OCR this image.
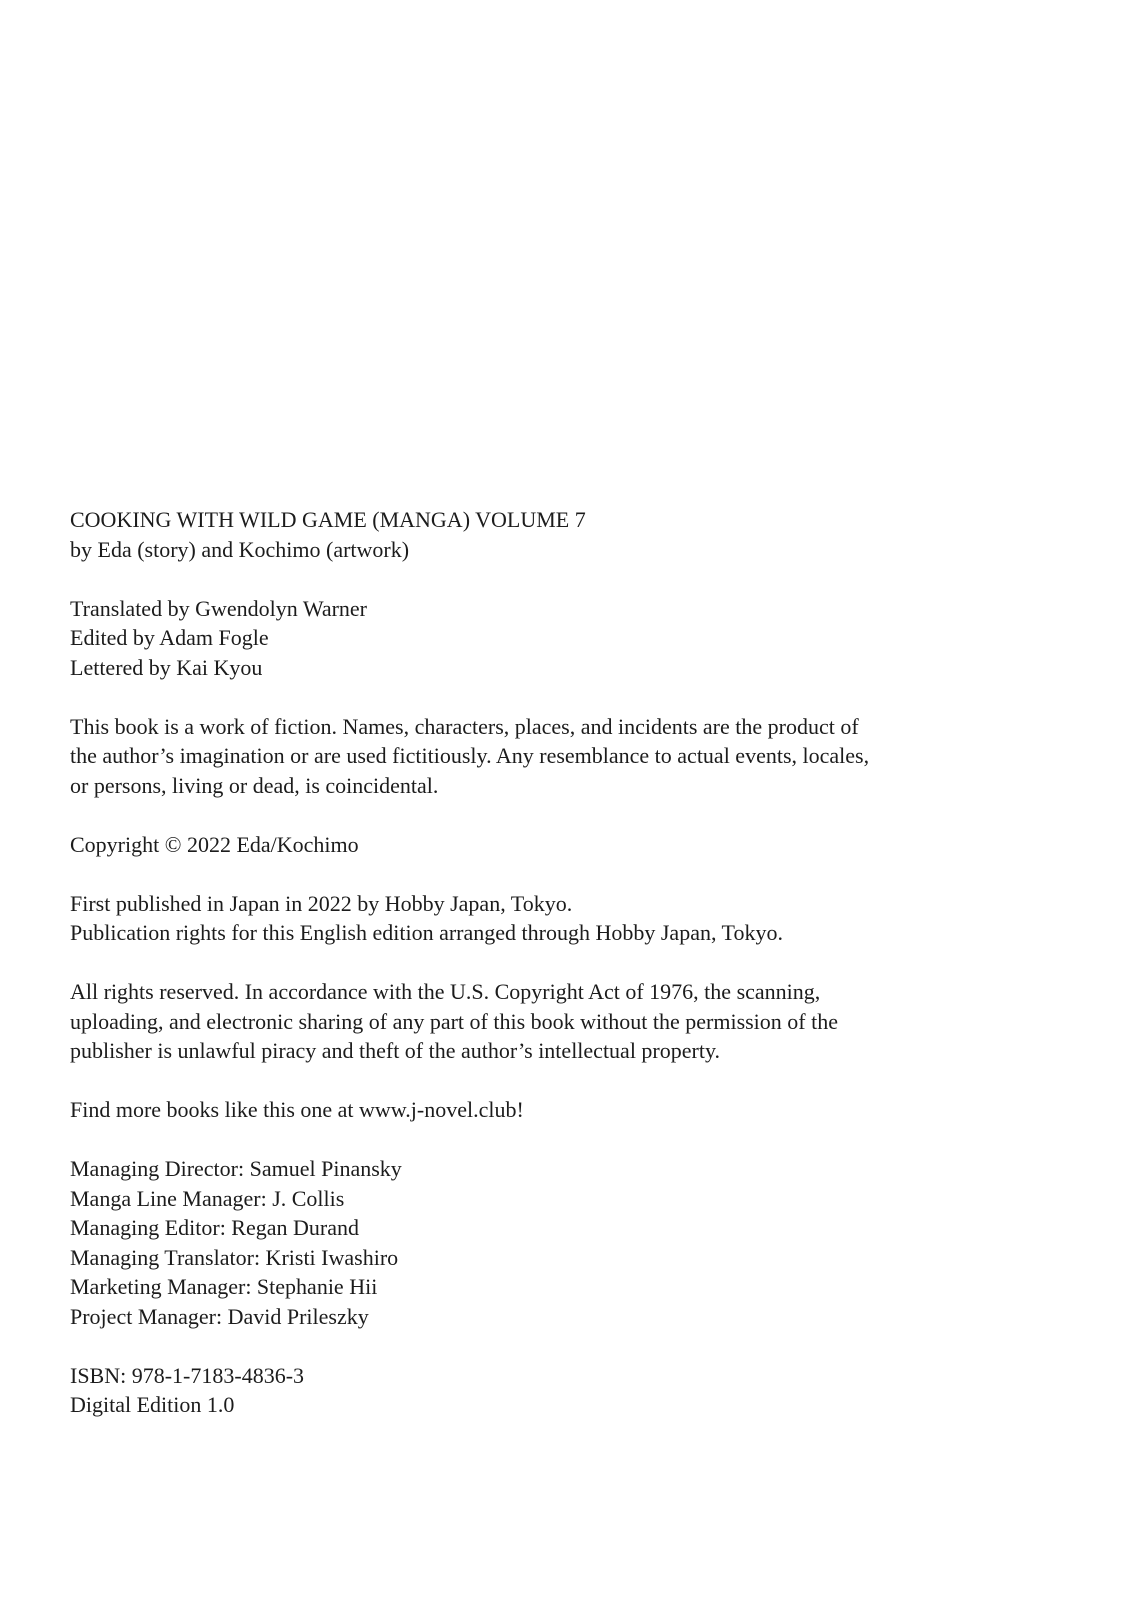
COOKING WITH WILD GAME (MANGA) VOLUME 7
by Eda (story) and Kochimo (artwork)
Translated by Gwendolyn Warner
Edited by Adam Fogle
Lettered by Kai Kyou
This book is a work of fiction. Names, characters, places, and incidents are the product of
the author’s imagination or are used fictitiously. Any resemblance to actual events, locales,
or persons, living or dead, is coincidental.
Copyright © 2022 Eda/Kochimo
First published in Japan in 2022 by Hobby Japan, Tokyo.
Publication rights for this English edition arranged through Hobby Japan, Tokyo.
All rights reserved. In accordance with the U.S. Copyright Act of 1976, the scanning,
uploading, and electronic sharing of any part of this book without the permission of the
publisher is unlawful piracy and theft of the author’s intellectual property.
Find more books like this one at www.j-novel.club!
Managing Director: Samuel Pinansky
Manga Line Manager: J. Collis
Managing Editor: Regan Durand
Managing Translator: Kristi Iwashiro
Marketing Manager: Stephanie Hii
Project Manager: David Prileszky
ISBN: 978-1-7183-4836-3
Digital Edition 1.0
